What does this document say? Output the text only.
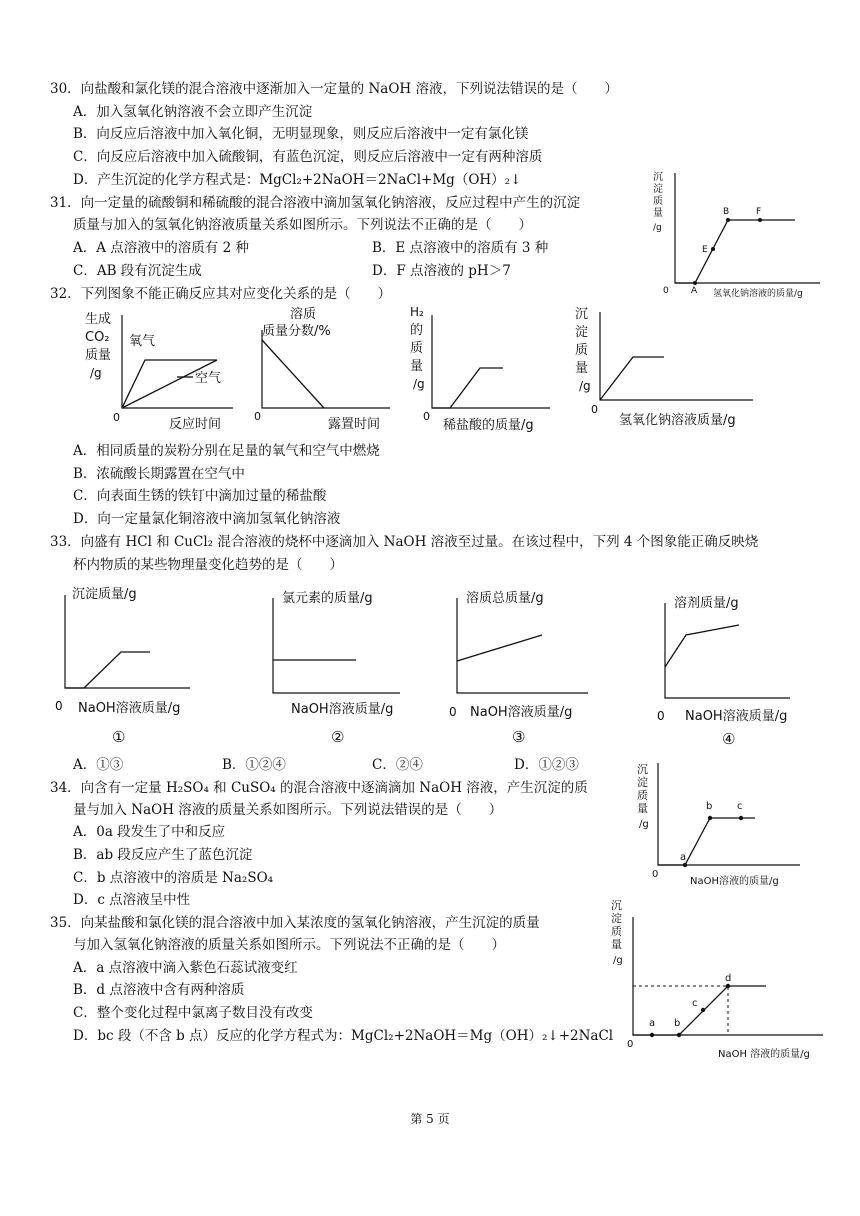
30．向盐酸和氯化镁的混合溶液中逐渐加入一定量的 NaOH 溶液，下列说法错误的是（　　）
A．加入氢氧化钠溶液不会立即产生沉淀
B．向反应后溶液中加入氧化铜，无明显现象，则反应后溶液中一定有氯化镁
C．向反应后溶液中加入硫酸铜，有蓝色沉淀，则反应后溶液中一定有两种溶质
D．产生沉淀的化学方程式是：MgCl₂+2NaOH＝2NaCl+Mg（OH）₂↓
31．向一定量的硫酸铜和稀硫酸的混合溶液中滴加氢氧化钠溶液，反应过程中产生的沉淀
质量与加入的氢氧化钠溶液质量关系如图所示。下列说法不正确的是（　　）
A．A 点溶液中的溶质有 2 种	B．E 点溶液中的溶质有 3 种
C．AB 段有沉淀生成	D．F 点溶液的 pH＞7
沉
淀
质
量
/g
0 A
E
B	F
氢氧化钠溶液的质量/g
32．下列图象不能正确反应其对应变化关系的是（　　）
生成
CO₂
质量
/g
氧气
空气
0	反应时间
溶质
质量分数/%
0
露置时间
H₂
的
质
量
/g
0
稀盐酸的质量/g
沉
淀
质
量
/g
0
氢氧化钠溶液质量/g
A．相同质量的炭粉分别在足量的氧气和空气中燃烧
B．浓硫酸长期露置在空气中
C．向表面生锈的铁钉中滴加过量的稀盐酸
D．向一定量氯化铜溶液中滴加氢氧化钠溶液
33．向盛有 HCl 和 CuCl₂ 混合溶液的烧杯中逐滴加入 NaOH 溶液至过量。在该过程中，下列 4 个图象能正确反映烧
杯内物质的某些物理量变化趋势的是（　　）
沉淀质量/g
0 NaOH溶液质量/g
①
氯元素的质量/g
NaOH溶液质量/g
②
溶质总质量/g
0 NaOH溶液质量/g
③
溶剂质量/g
0 NaOH溶液质量/g
④
A．①③	B．①②④	C．②④	D．①②③
34．向含有一定量 H₂SO₄ 和 CuSO₄ 的混合溶液中逐滴滴加 NaOH 溶液，产生沉淀的质
量与加入 NaOH 溶液的质量关系如图所示。下列说法错误的是（　　）
A．0a 段发生了中和反应
B．ab 段反应产生了蓝色沉淀
C．b 点溶液中的溶质是 Na₂SO₄
D．c 点溶液呈中性
沉
淀
质
量
/g
a
b c
0
NaOH溶液的质量/g
35．向某盐酸和氯化镁的混合溶液中加入某浓度的氢氧化钠溶液，产生沉淀的质量
与加入氢氧化钠溶液的质量关系如图所示。下列说法不正确的是（　　）
A．a 点溶液中滴入紫色石蕊试液变红
B．d 点溶液中含有两种溶质
C．整个变化过程中氯离子数目没有改变
D．bc 段（不含 b 点）反应的化学方程式为：MgCl₂+2NaOH＝Mg（OH）₂↓+2NaCl
沉
淀
质
量
/g
a b
c
d
0
NaOH 溶液的质量/g
第 5 页
